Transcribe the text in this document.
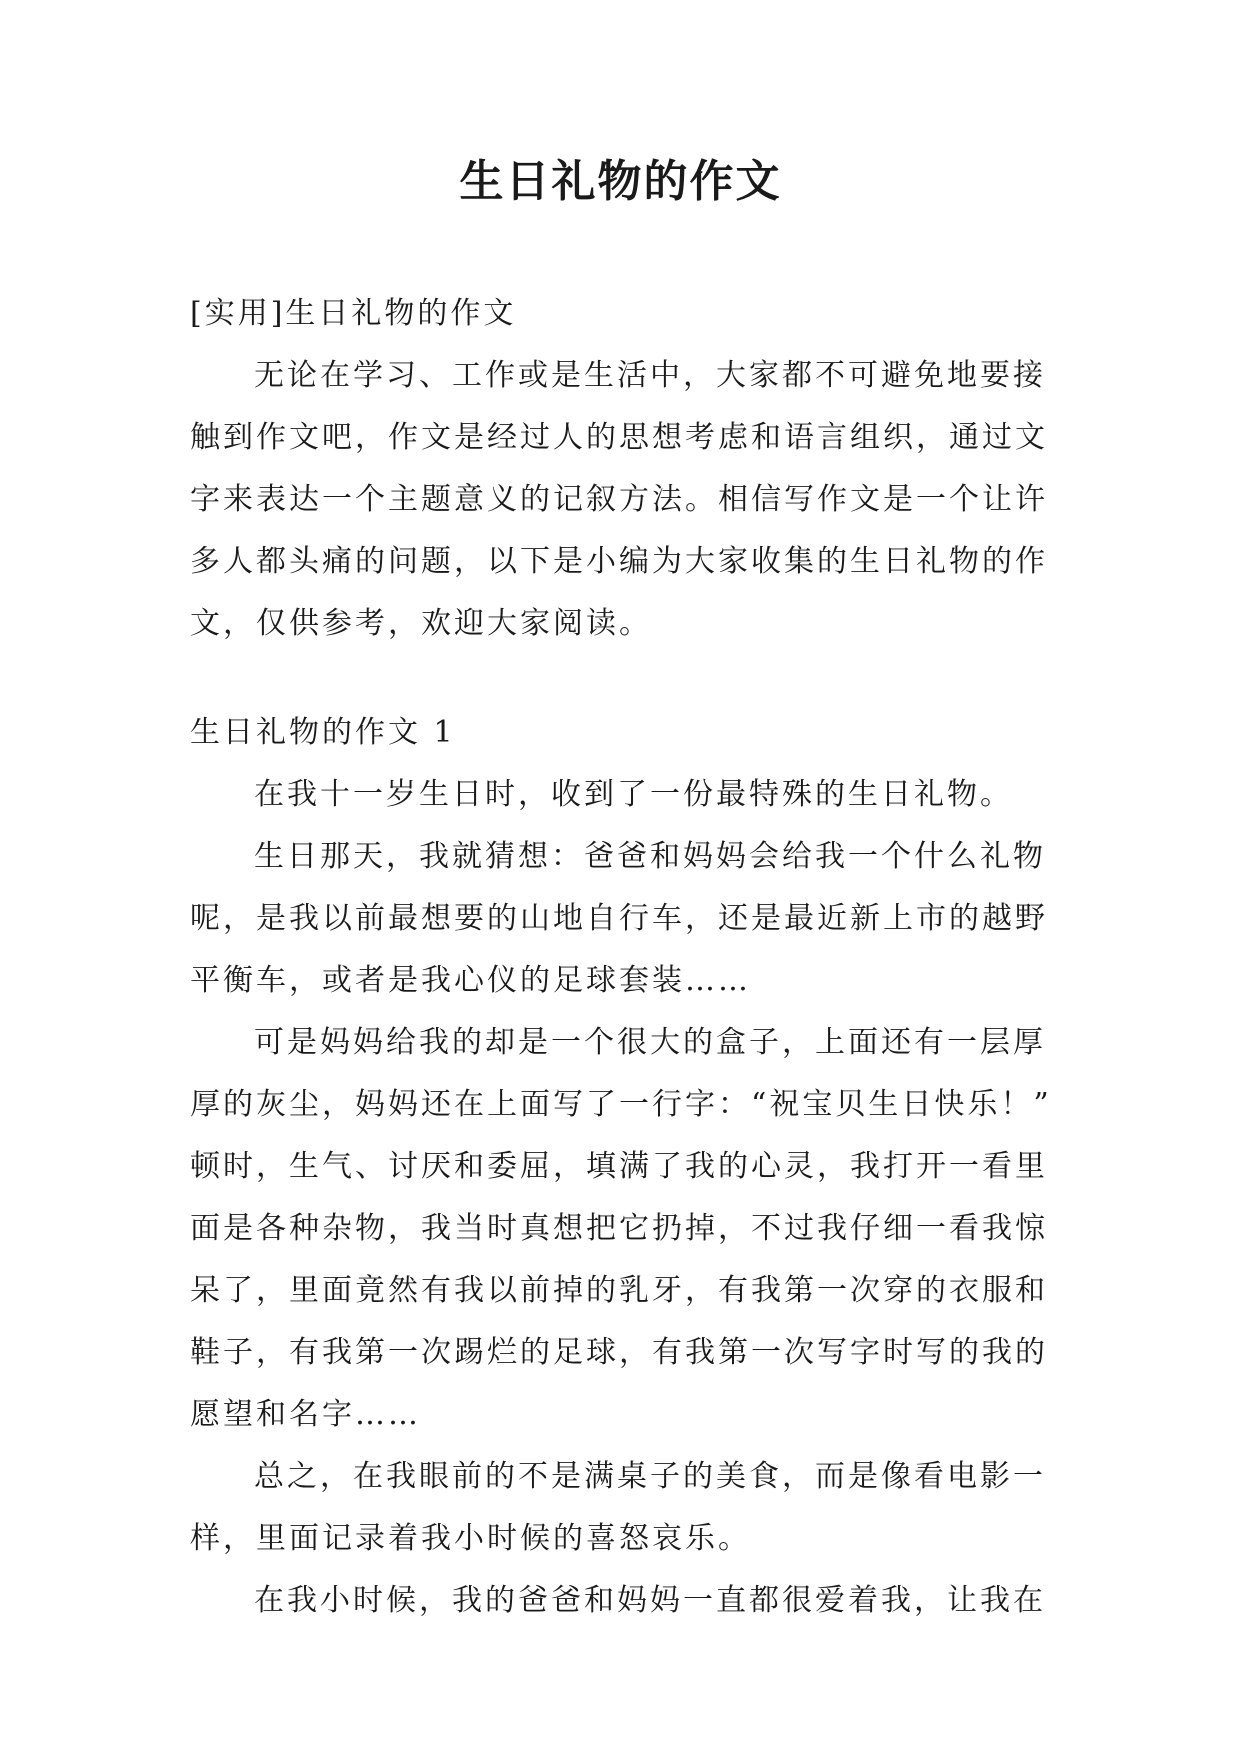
生日礼物的作文

[实用]生日礼物的作文

无论在学习、工作或是生活中，大家都不可避免地要接

触到作文吧，作文是经过人的思想考虑和语言组织，通过文

字来表达一个主题意义的记叙方法。相信写作文是一个让许

多人都头痛的问题，以下是小编为大家收集的生日礼物的作

文，仅供参考，欢迎大家阅读。

生日礼物的作文 1

在我十一岁生日时，收到了一份最特殊的生日礼物。

生日那天，我就猜想：爸爸和妈妈会给我一个什么礼物

呢，是我以前最想要的山地自行车，还是最近新上市的越野

平衡车，或者是我心仪的足球套装……

可是妈妈给我的却是一个很大的盒子，上面还有一层厚

厚的灰尘，妈妈还在上面写了一行字：“祝宝贝生日快乐！”

顿时，生气、讨厌和委屈，填满了我的心灵，我打开一看里

面是各种杂物，我当时真想把它扔掉，不过我仔细一看我惊

呆了，里面竟然有我以前掉的乳牙，有我第一次穿的衣服和

鞋子，有我第一次踢烂的足球，有我第一次写字时写的我的

愿望和名字……

总之，在我眼前的不是满桌子的美食，而是像看电影一

样，里面记录着我小时候的喜怒哀乐。

在我小时候，我的爸爸和妈妈一直都很爱着我，让我在
